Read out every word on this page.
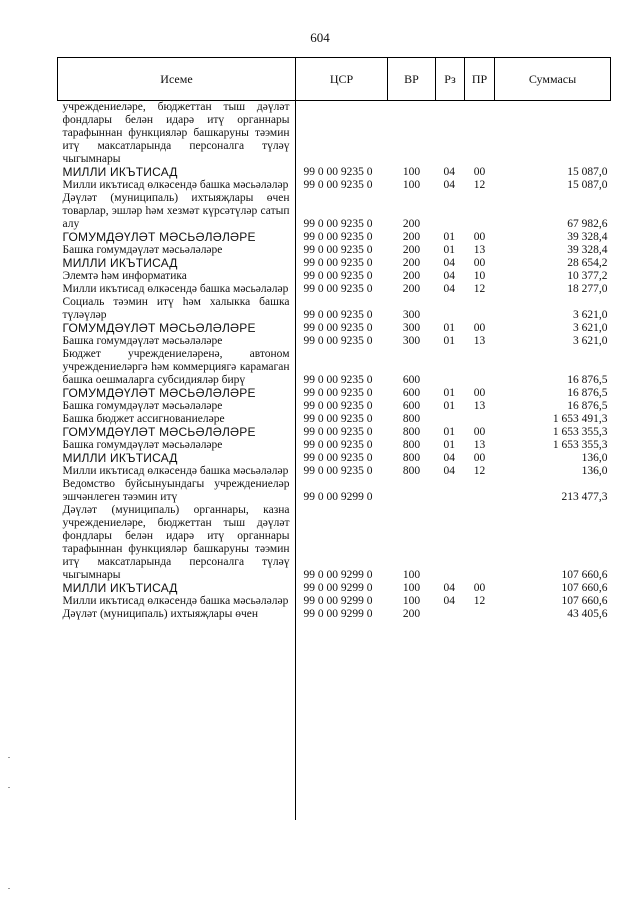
604
Исеме	ЦСР	ВР	Рз	ПР	Суммасы
учреждениеләре, бюджеттан тыш дәүләт фондлары белән идарә итү органнары тарафыннан функцияләр башкаруны тәэмин итү максатларында персоналга түләү чыгымнары					
МИЛЛИ ИКЪТИСАД	99 0 00 9235 0	100	04	00	15 087,0
Милли икътисад өлкәсендә башка мәсьәләләр	99 0 00 9235 0	100	04	12	15 087,0
Дәүләт (муниципаль) ихтыяҗлары өчен товарлар, эшләр һәм хезмәт күрсәтүләр сатып алу	99 0 00 9235 0	200			67 982,6
ГОМУМДӘҮЛӘТ МӘСЬӘЛӘЛӘРЕ	99 0 00 9235 0	200	01	00	39 328,4
Башка гомумдәүләт мәсьәләләре	99 0 00 9235 0	200	01	13	39 328,4
МИЛЛИ ИКЪТИСАД	99 0 00 9235 0	200	04	00	28 654,2
Элемтә һәм информатика	99 0 00 9235 0	200	04	10	10 377,2
Милли икътисад өлкәсендә башка мәсьәләләр	99 0 00 9235 0	200	04	12	18 277,0
Социаль тәэмин итү һәм халыкка башка түләүләр	99 0 00 9235 0	300			3 621,0
ГОМУМДӘҮЛӘТ МӘСЬӘЛӘЛӘРЕ	99 0 00 9235 0	300	01	00	3 621,0
Башка гомумдәүләт мәсьәләләре	99 0 00 9235 0	300	01	13	3 621,0
Бюджет учреждениеләренә, автоном учреждениеләргә һәм коммерциягә карамаган башка оешмаларга субсидияләр бирү	99 0 00 9235 0	600			16 876,5
ГОМУМДӘҮЛӘТ МӘСЬӘЛӘЛӘРЕ	99 0 00 9235 0	600	01	00	16 876,5
Башка гомумдәүләт мәсьәләләре	99 0 00 9235 0	600	01	13	16 876,5
Башка бюджет ассигнованиеләре	99 0 00 9235 0	800			1 653 491,3
ГОМУМДӘҮЛӘТ МӘСЬӘЛӘЛӘРЕ	99 0 00 9235 0	800	01	00	1 653 355,3
Башка гомумдәүләт мәсьәләләре	99 0 00 9235 0	800	01	13	1 653 355,3
МИЛЛИ ИКЪТИСАД	99 0 00 9235 0	800	04	00	136,0
Милли икътисад өлкәсендә башка мәсьәләләр	99 0 00 9235 0	800	04	12	136,0
Ведомство буйсынуындагы учреждениеләр эшчәнлеген тәэмин итү	99 0 00 9299 0				213 477,3
Дәүләт (муниципаль) органнары, казна учреждениеләре, бюджеттан тыш дәүләт фондлары белән идарә итү органнары тарафыннан функцияләр башкаруны тәэмин итү максатларында персоналга түләү чыгымнары	99 0 00 9299 0	100			107 660,6
МИЛЛИ ИКЪТИСАД	99 0 00 9299 0	100	04	00	107 660,6
Милли икътисад өлкәсендә башка мәсьәләләр	99 0 00 9299 0	100	04	12	107 660,6
Дәүләт (муниципаль) ихтыяҗлары өчен	99 0 00 9299 0	200			43 405,6
